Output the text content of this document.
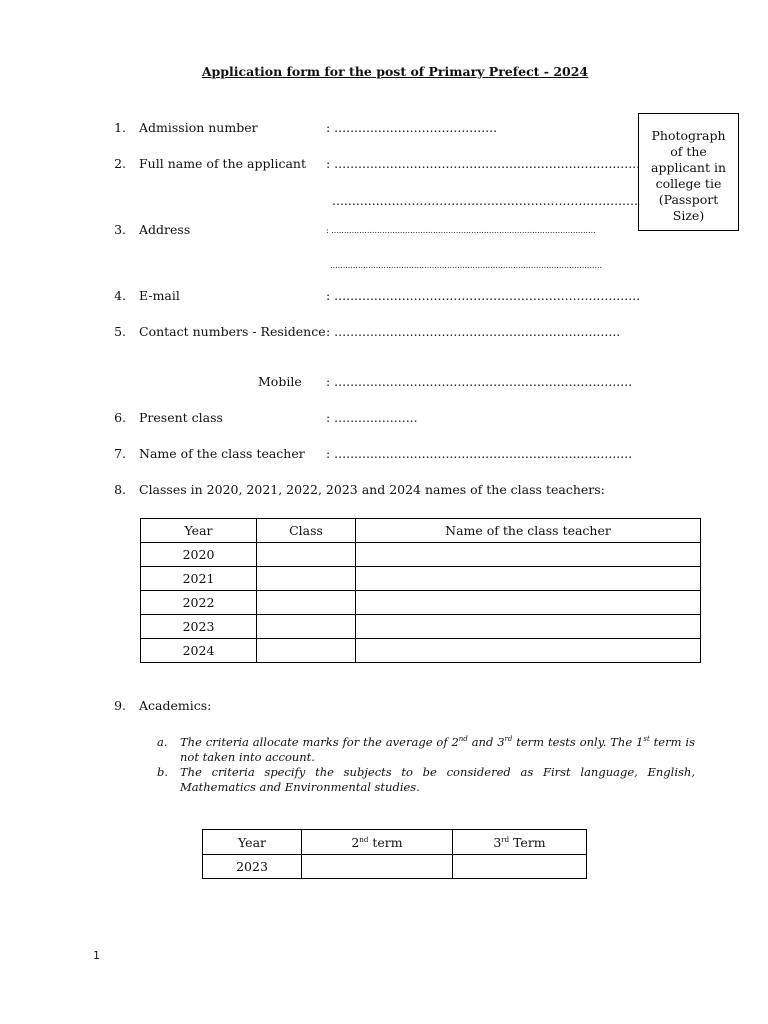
Application form for the post of Primary Prefect - 2024
Photograph
of the
applicant in
college tie
(Passport
Size)
1. Admission number	: .........................................
2. Full name of the applicant : .............................................................................
.............................................................................
3. Address	: ........................................................................................................
...........................................................................................................
4. E-mail	: .............................................................................
5. Contact numbers - Residence : ........................................................................
Mobile : ...........................................................................
6. Present class	: .....................
7. Name of the class teacher : ...........................................................................
8. Classes in 2020, 2021, 2022, 2023 and 2024 names of the class teachers:
Year	Class	Name of the class teacher
2020		
2021		
2022		
2023		
2024		
9. Academics:
a. The criteria allocate marks for the average of 2nd and 3rd term tests only. The 1st term is not taken into account.
b. The criteria specify the subjects to be considered as First language, English, Mathematics and Environmental studies.
Year	2nd term	3rd Term
2023		
1
